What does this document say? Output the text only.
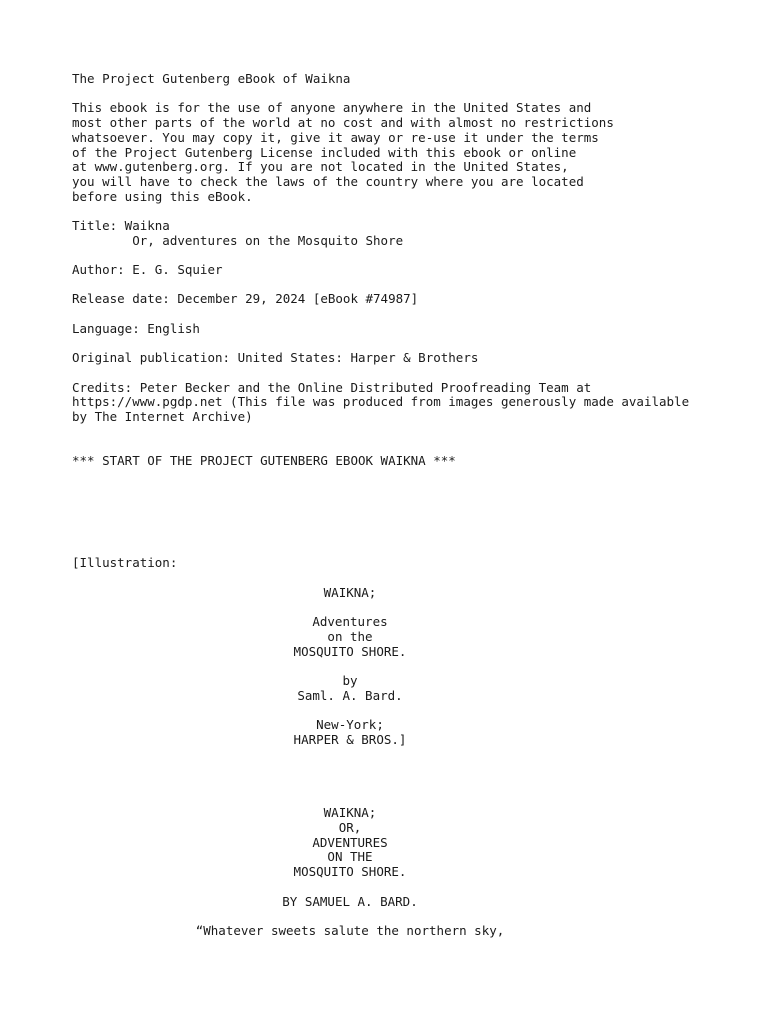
The Project Gutenberg eBook of Waikna
This ebook is for the use of anyone anywhere in the United States and
most other parts of the world at no cost and with almost no restrictions
whatsoever. You may copy it, give it away or re-use it under the terms
of the Project Gutenberg License included with this ebook or online
at www.gutenberg.org. If you are not located in the United States,
you will have to check the laws of the country where you are located
before using this eBook.
Title: Waikna
Or, adventures on the Mosquito Shore
Author: E. G. Squier
Release date: December 29, 2024 [eBook #74987]
Language: English
Original publication: United States: Harper & Brothers
Credits: Peter Becker and the Online Distributed Proofreading Team at
https://www.pgdp.net (This file was produced from images generously made available
by The Internet Archive)
*** START OF THE PROJECT GUTENBERG EBOOK WAIKNA ***
[Illustration:
WAIKNA;

Adventures
on the
MOSQUITO SHORE.

by
Saml. A. Bard.

New-York;
HARPER & BROS.]
WAIKNA;
OR,
ADVENTURES
ON THE
MOSQUITO SHORE.

BY SAMUEL A. BARD.

“Whatever sweets salute the northern sky,
